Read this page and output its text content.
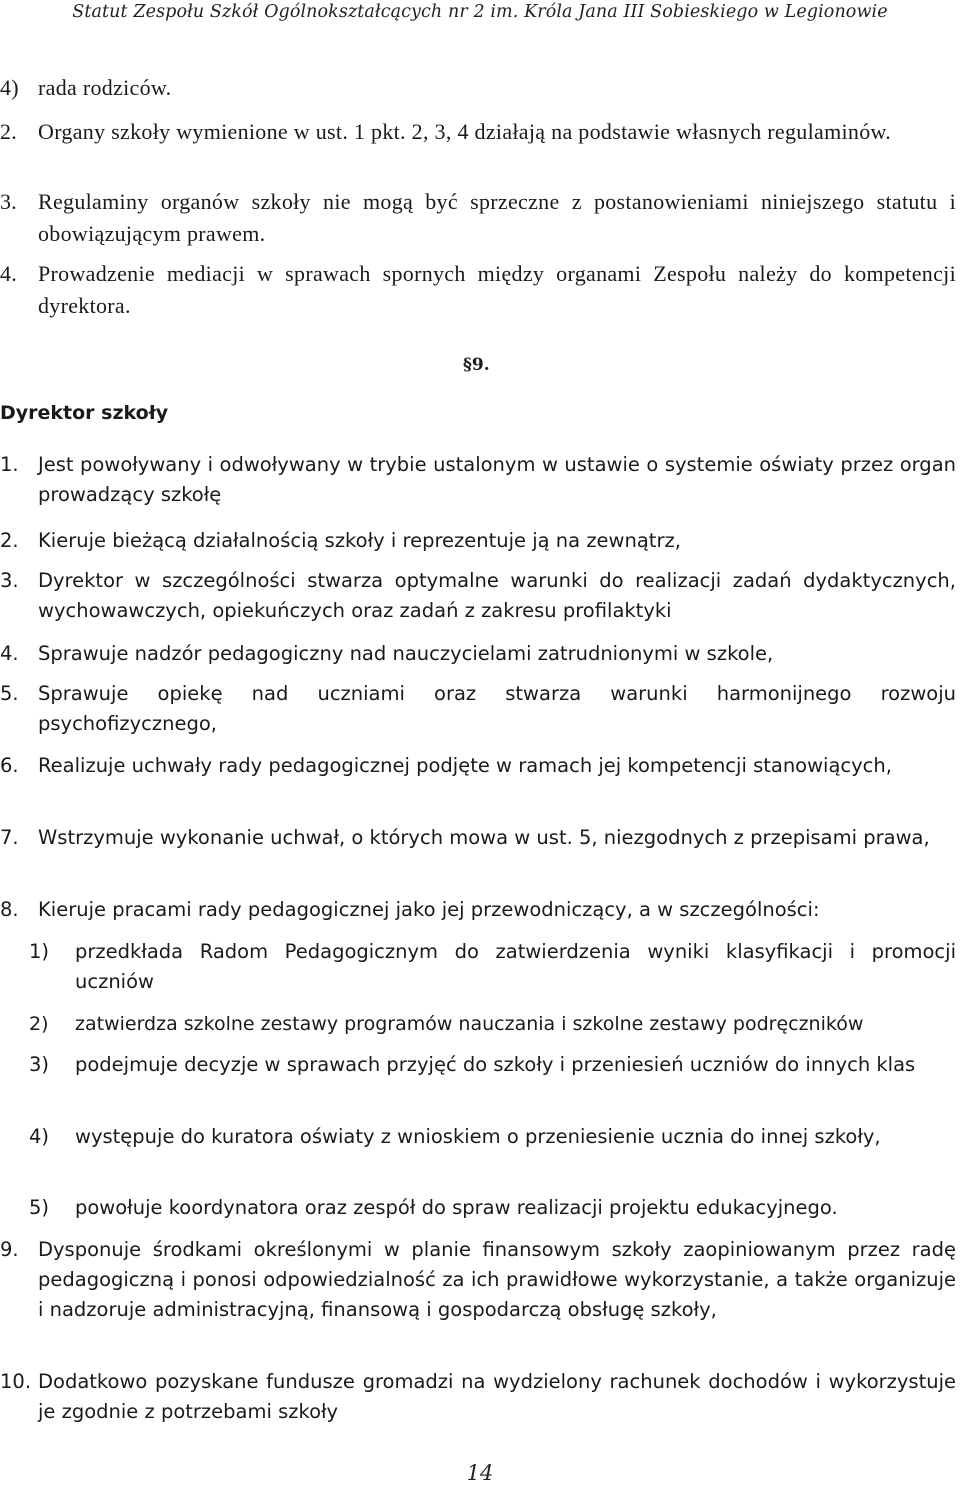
Statut Zespołu Szkół Ogólnokształcących nr 2 im. Króla Jana III Sobieskiego w Legionowie
4) rada rodziców.
2. Organy szkoły wymienione w ust. 1 pkt. 2, 3, 4 działają na podstawie własnych regulaminów.
3. Regulaminy organów szkoły nie mogą być sprzeczne z postanowieniami niniejszego statutu i obowiązującym prawem.
4. Prowadzenie mediacji w sprawach spornych między organami Zespołu należy do kompetencji dyrektora.
§9.
Dyrektor szkoły
1. Jest powoływany i odwoływany w trybie ustalonym w ustawie o systemie oświaty przez organ prowadzący szkołę
2. Kieruje bieżącą działalnością szkoły i reprezentuje ją na zewnątrz,
3. Dyrektor w szczególności stwarza optymalne warunki do realizacji zadań dydaktycznych, wychowawczych, opiekuńczych oraz zadań z zakresu profilaktyki
4. Sprawuje nadzór pedagogiczny nad nauczycielami zatrudnionymi w szkole,
5. Sprawuje opiekę nad uczniami oraz stwarza warunki harmonijnego rozwoju psychofizycznego,
6. Realizuje uchwały rady pedagogicznej podjęte w ramach jej kompetencji stanowiących,
7. Wstrzymuje wykonanie uchwał, o których mowa w ust. 5, niezgodnych z przepisami prawa,
8. Kieruje pracami rady pedagogicznej jako jej przewodniczący, a w szczególności:
1) przedkłada Radom Pedagogicznym do zatwierdzenia wyniki klasyfikacji i promocji uczniów
2) zatwierdza szkolne zestawy programów nauczania i szkolne zestawy podręczników
3) podejmuje decyzje w sprawach przyjęć do szkoły i przeniesień uczniów do innych klas
4) występuje do kuratora oświaty z wnioskiem o przeniesienie ucznia do innej szkoły,
5) powołuje koordynatora oraz zespół do spraw realizacji projektu edukacyjnego.
9. Dysponuje środkami określonymi w planie finansowym szkoły zaopiniowanym przez radę pedagogiczną i ponosi odpowiedzialność za ich prawidłowe wykorzystanie, a także organizuje i nadzoruje administracyjną, finansową i gospodarczą obsługę szkoły,
10. Dodatkowo pozyskane fundusze gromadzi na wydzielony rachunek dochodów i wykorzystuje je zgodnie z potrzebami szkoły
14
